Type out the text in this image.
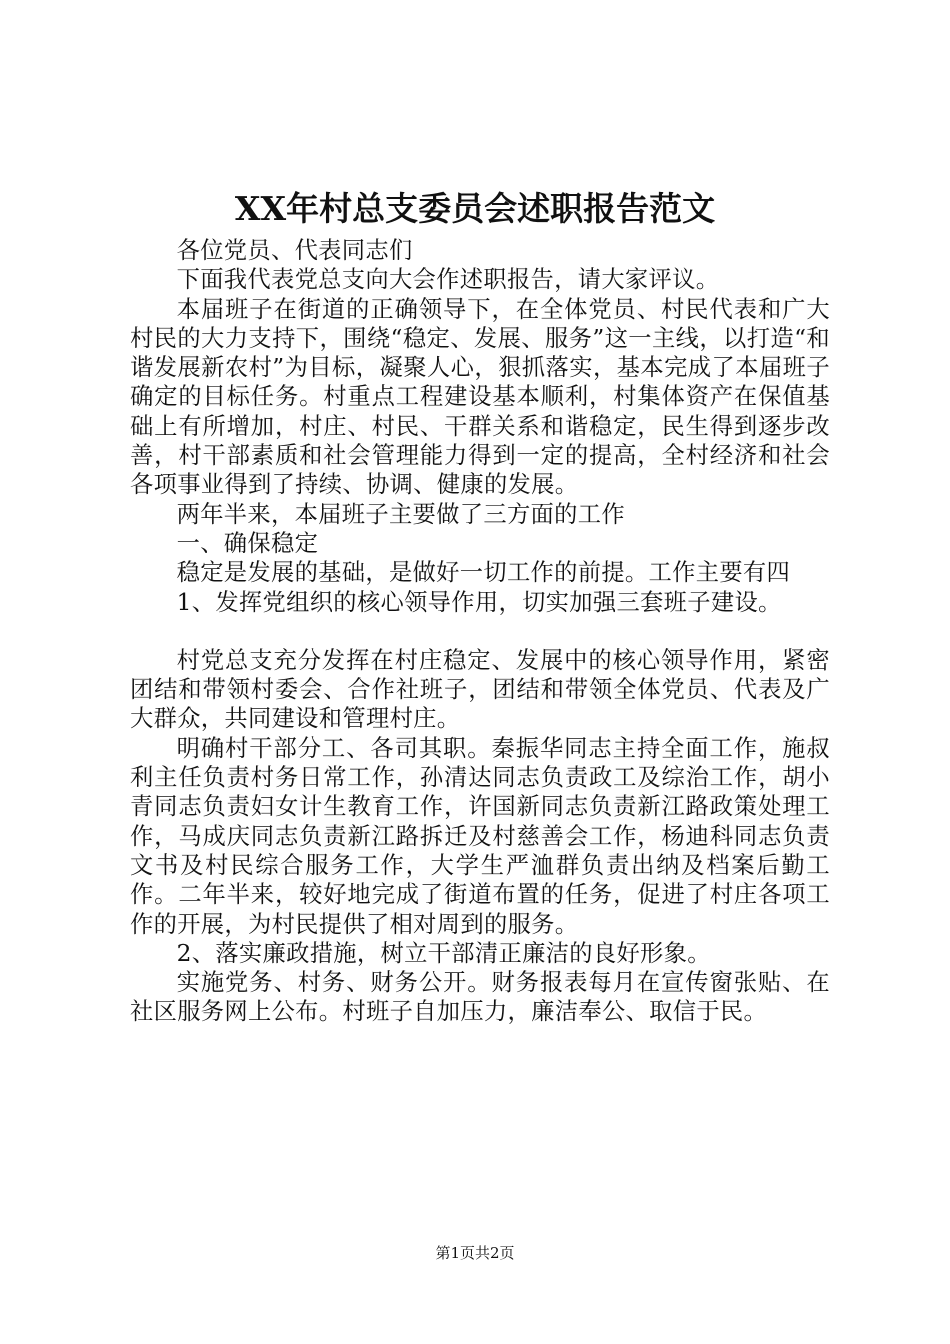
XX年村总支委员会述职报告范文

各位党员、代表同志们

下面我代表党总支向大会作述职报告，请大家评议。

本届班子在街道的正确领导下，在全体党员、村民代表和广大村民的大力支持下，围绕“稳定、发展、服务”这一主线，以打造“和谐发展新农村”为目标，凝聚人心，狠抓落实，基本完成了本届班子确定的目标任务。村重点工程建设基本顺利，村集体资产在保值基础上有所增加，村庄、村民、干群关系和谐稳定，民生得到逐步改善，村干部素质和社会管理能力得到一定的提高，全村经济和社会各项事业得到了持续、协调、健康的发展。

两年半来，本届班子主要做了三方面的工作

一、确保稳定

稳定是发展的基础，是做好一切工作的前提。工作主要有四

1、发挥党组织的核心领导作用，切实加强三套班子建设。

村党总支充分发挥在村庄稳定、发展中的核心领导作用，紧密团结和带领村委会、合作社班子，团结和带领全体党员、代表及广大群众，共同建设和管理村庄。

明确村干部分工、各司其职。秦振华同志主持全面工作，施叔利主任负责村务日常工作，孙清达同志负责政工及综治工作，胡小青同志负责妇女计生教育工作，许国新同志负责新江路政策处理工作，马成庆同志负责新江路拆迁及村慈善会工作，杨迪科同志负责文书及村民综合服务工作，大学生严洫群负责出纳及档案后勤工作。二年半来，较好地完成了街道布置的任务，促进了村庄各项工作的开展，为村民提供了相对周到的服务。

2、落实廉政措施，树立干部清正廉洁的良好形象。

实施党务、村务、财务公开。财务报表每月在宣传窗张贴、在社区服务网上公布。村班子自加压力，廉洁奉公、取信于民。

第1页共2页
